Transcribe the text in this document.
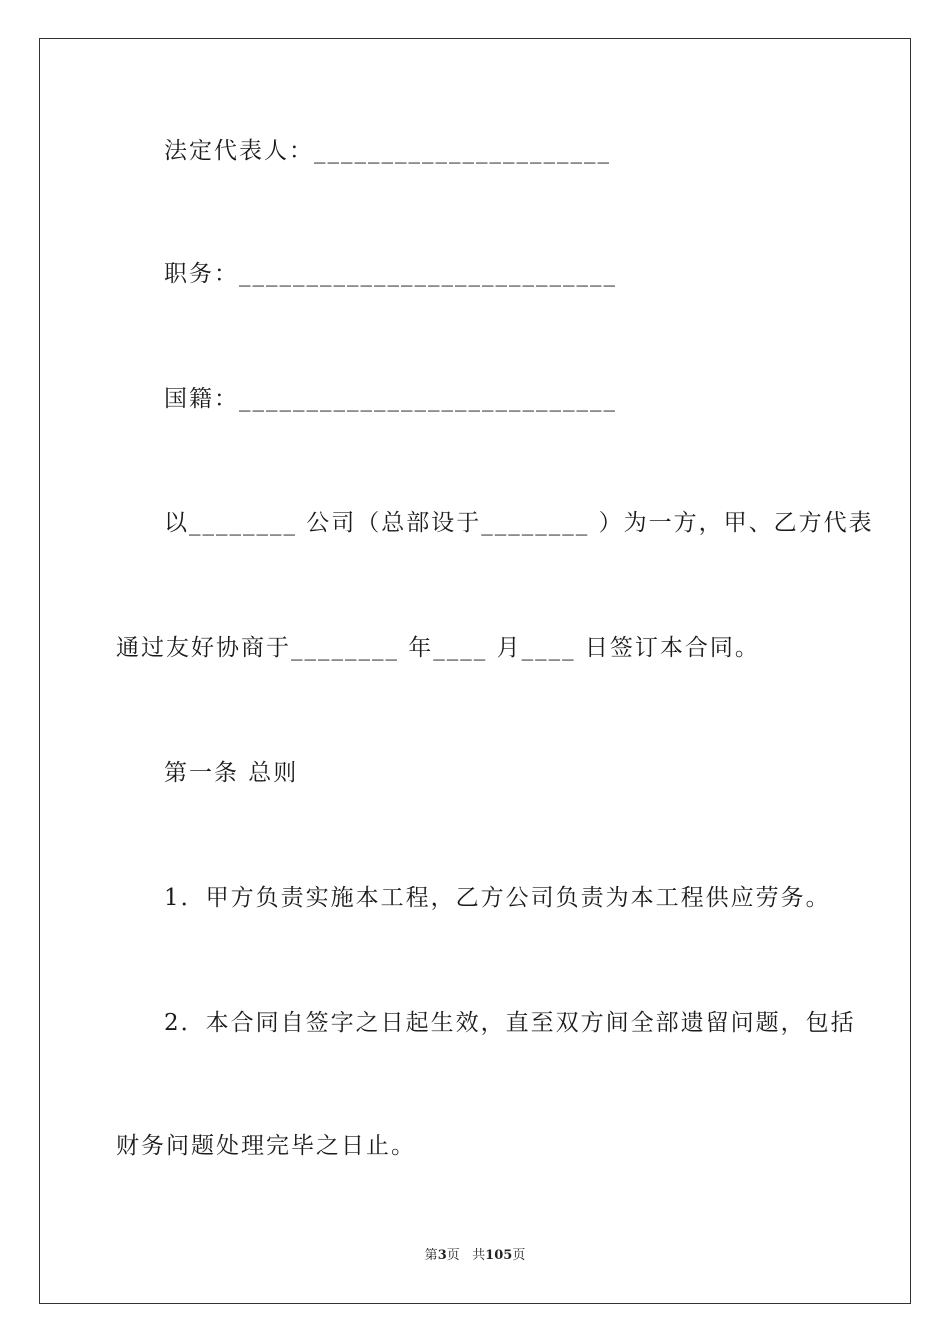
法定代表人：______________________
职务：____________________________
国籍：____________________________
以________ 公司（总部设于________ ）为一方，甲、乙方代表
通过友好协商于________ 年____ 月____ 日签订本合同。
第一条 总则
1．甲方负责实施本工程，乙方公司负责为本工程供应劳务。
2．本合同自签字之日起生效，直至双方间全部遗留问题，包括
财务问题处理完毕之日止。
第3页 共105页
